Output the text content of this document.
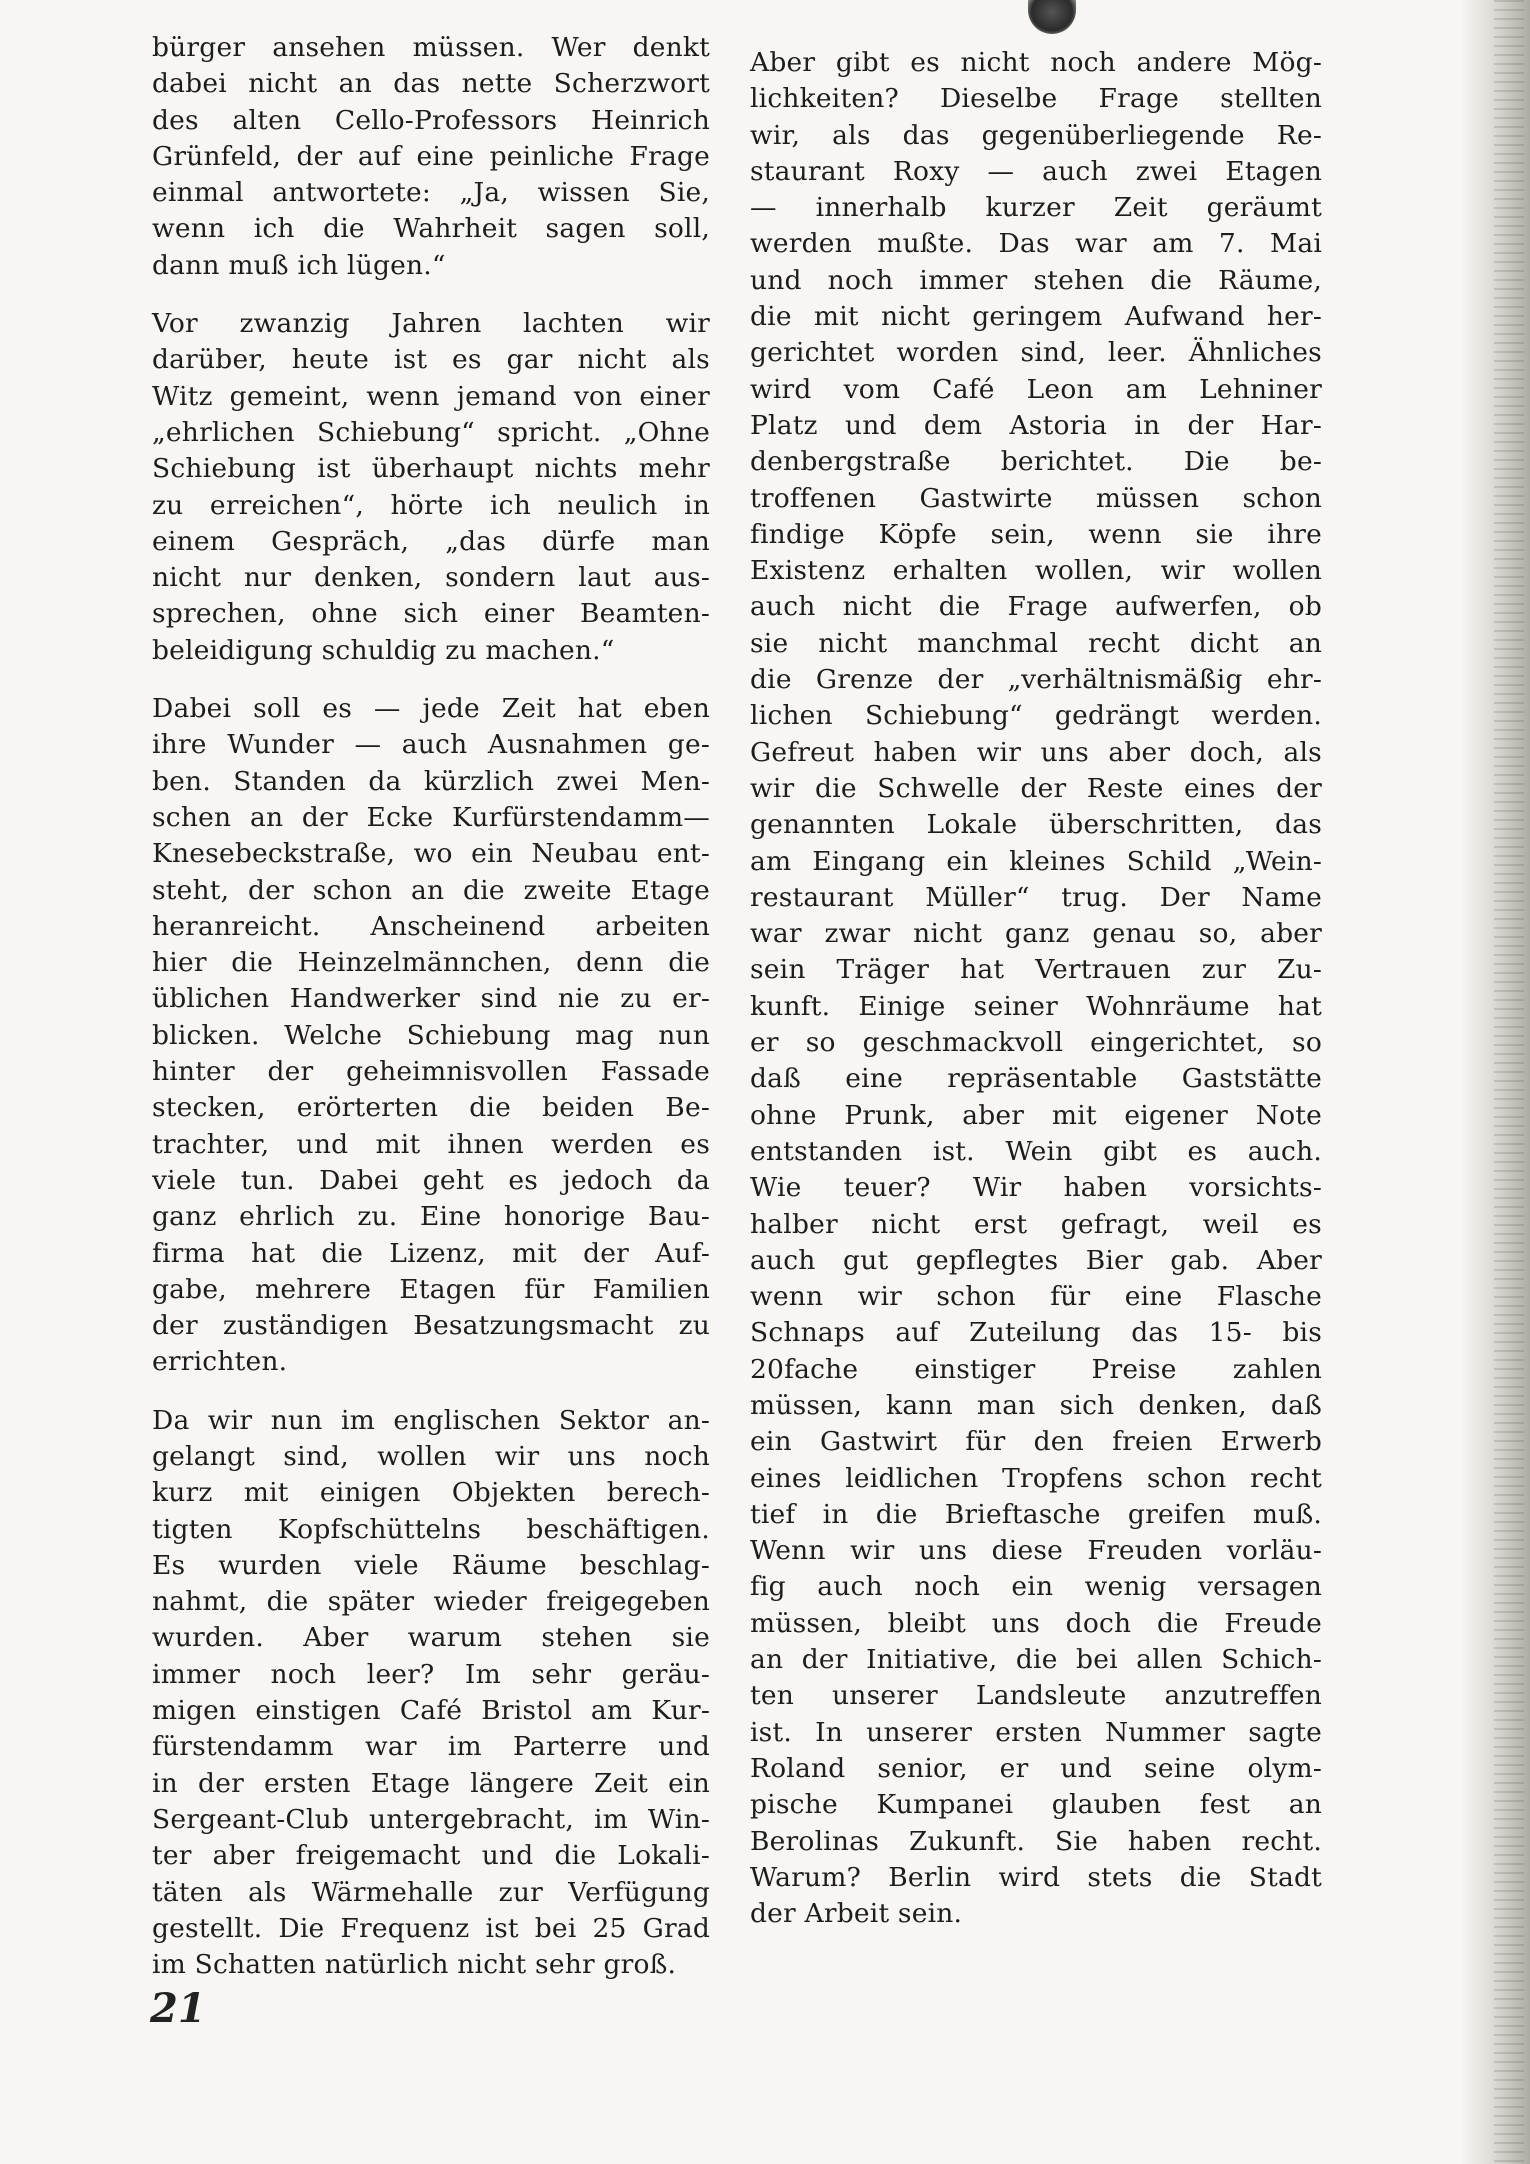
bürger ansehen müssen. Wer denkt
dabei nicht an das nette Scherzwort
des alten Cello-Professors Heinrich
Grünfeld, der auf eine peinliche Frage
einmal antwortete: „Ja, wissen Sie,
wenn ich die Wahrheit sagen soll,
dann muß ich lügen.“
Vor zwanzig Jahren lachten wir
darüber, heute ist es gar nicht als
Witz gemeint, wenn jemand von einer
„ehrlichen Schiebung“ spricht. „Ohne
Schiebung ist überhaupt nichts mehr
zu erreichen“, hörte ich neulich in
einem Gespräch, „das dürfe man
nicht nur denken, sondern laut aus-
sprechen, ohne sich einer Beamten-
beleidigung schuldig zu machen.“
Dabei soll es — jede Zeit hat eben
ihre Wunder — auch Ausnahmen ge-
ben. Standen da kürzlich zwei Men-
schen an der Ecke Kurfürstendamm—
Knesebeckstraße, wo ein Neubau ent-
steht, der schon an die zweite Etage
heranreicht. Anscheinend arbeiten
hier die Heinzelmännchen, denn die
üblichen Handwerker sind nie zu er-
blicken. Welche Schiebung mag nun
hinter der geheimnisvollen Fassade
stecken, erörterten die beiden Be-
trachter, und mit ihnen werden es
viele tun. Dabei geht es jedoch da
ganz ehrlich zu. Eine honorige Bau-
firma hat die Lizenz, mit der Auf-
gabe, mehrere Etagen für Familien
der zuständigen Besatzungsmacht zu
errichten.
Da wir nun im englischen Sektor an-
gelangt sind, wollen wir uns noch
kurz mit einigen Objekten berech-
tigten Kopfschüttelns beschäftigen.
Es wurden viele Räume beschlag-
nahmt, die später wieder freigegeben
wurden. Aber warum stehen sie
immer noch leer? Im sehr geräu-
migen einstigen Café Bristol am Kur-
fürstendamm war im Parterre und
in der ersten Etage längere Zeit ein
Sergeant-Club untergebracht, im Win-
ter aber freigemacht und die Lokali-
täten als Wärmehalle zur Verfügung
gestellt. Die Frequenz ist bei 25 Grad
im Schatten natürlich nicht sehr groß.
Aber gibt es nicht noch andere Mög-
lichkeiten? Dieselbe Frage stellten
wir, als das gegenüberliegende Re-
staurant Roxy — auch zwei Etagen
— innerhalb kurzer Zeit geräumt
werden mußte. Das war am 7. Mai
und noch immer stehen die Räume,
die mit nicht geringem Aufwand her-
gerichtet worden sind, leer. Ähnliches
wird vom Café Leon am Lehniner
Platz und dem Astoria in der Har-
denbergstraße berichtet. Die be-
troffenen Gastwirte müssen schon
findige Köpfe sein, wenn sie ihre
Existenz erhalten wollen, wir wollen
auch nicht die Frage aufwerfen, ob
sie nicht manchmal recht dicht an
die Grenze der „verhältnismäßig ehr-
lichen Schiebung“ gedrängt werden.
Gefreut haben wir uns aber doch, als
wir die Schwelle der Reste eines der
genannten Lokale überschritten, das
am Eingang ein kleines Schild „Wein-
restaurant Müller“ trug. Der Name
war zwar nicht ganz genau so, aber
sein Träger hat Vertrauen zur Zu-
kunft. Einige seiner Wohnräume hat
er so geschmackvoll eingerichtet, so
daß eine repräsentable Gaststätte
ohne Prunk, aber mit eigener Note
entstanden ist. Wein gibt es auch.
Wie teuer? Wir haben vorsichts-
halber nicht erst gefragt, weil es
auch gut gepflegtes Bier gab. Aber
wenn wir schon für eine Flasche
Schnaps auf Zuteilung das 15- bis
20fache einstiger Preise zahlen
müssen, kann man sich denken, daß
ein Gastwirt für den freien Erwerb
eines leidlichen Tropfens schon recht
tief in die Brieftasche greifen muß.
Wenn wir uns diese Freuden vorläu-
fig auch noch ein wenig versagen
müssen, bleibt uns doch die Freude
an der Initiative, die bei allen Schich-
ten unserer Landsleute anzutreffen
ist. In unserer ersten Nummer sagte
Roland senior, er und seine olym-
pische Kumpanei glauben fest an
Berolinas Zukunft. Sie haben recht.
Warum? Berlin wird stets die Stadt
der Arbeit sein.
21
